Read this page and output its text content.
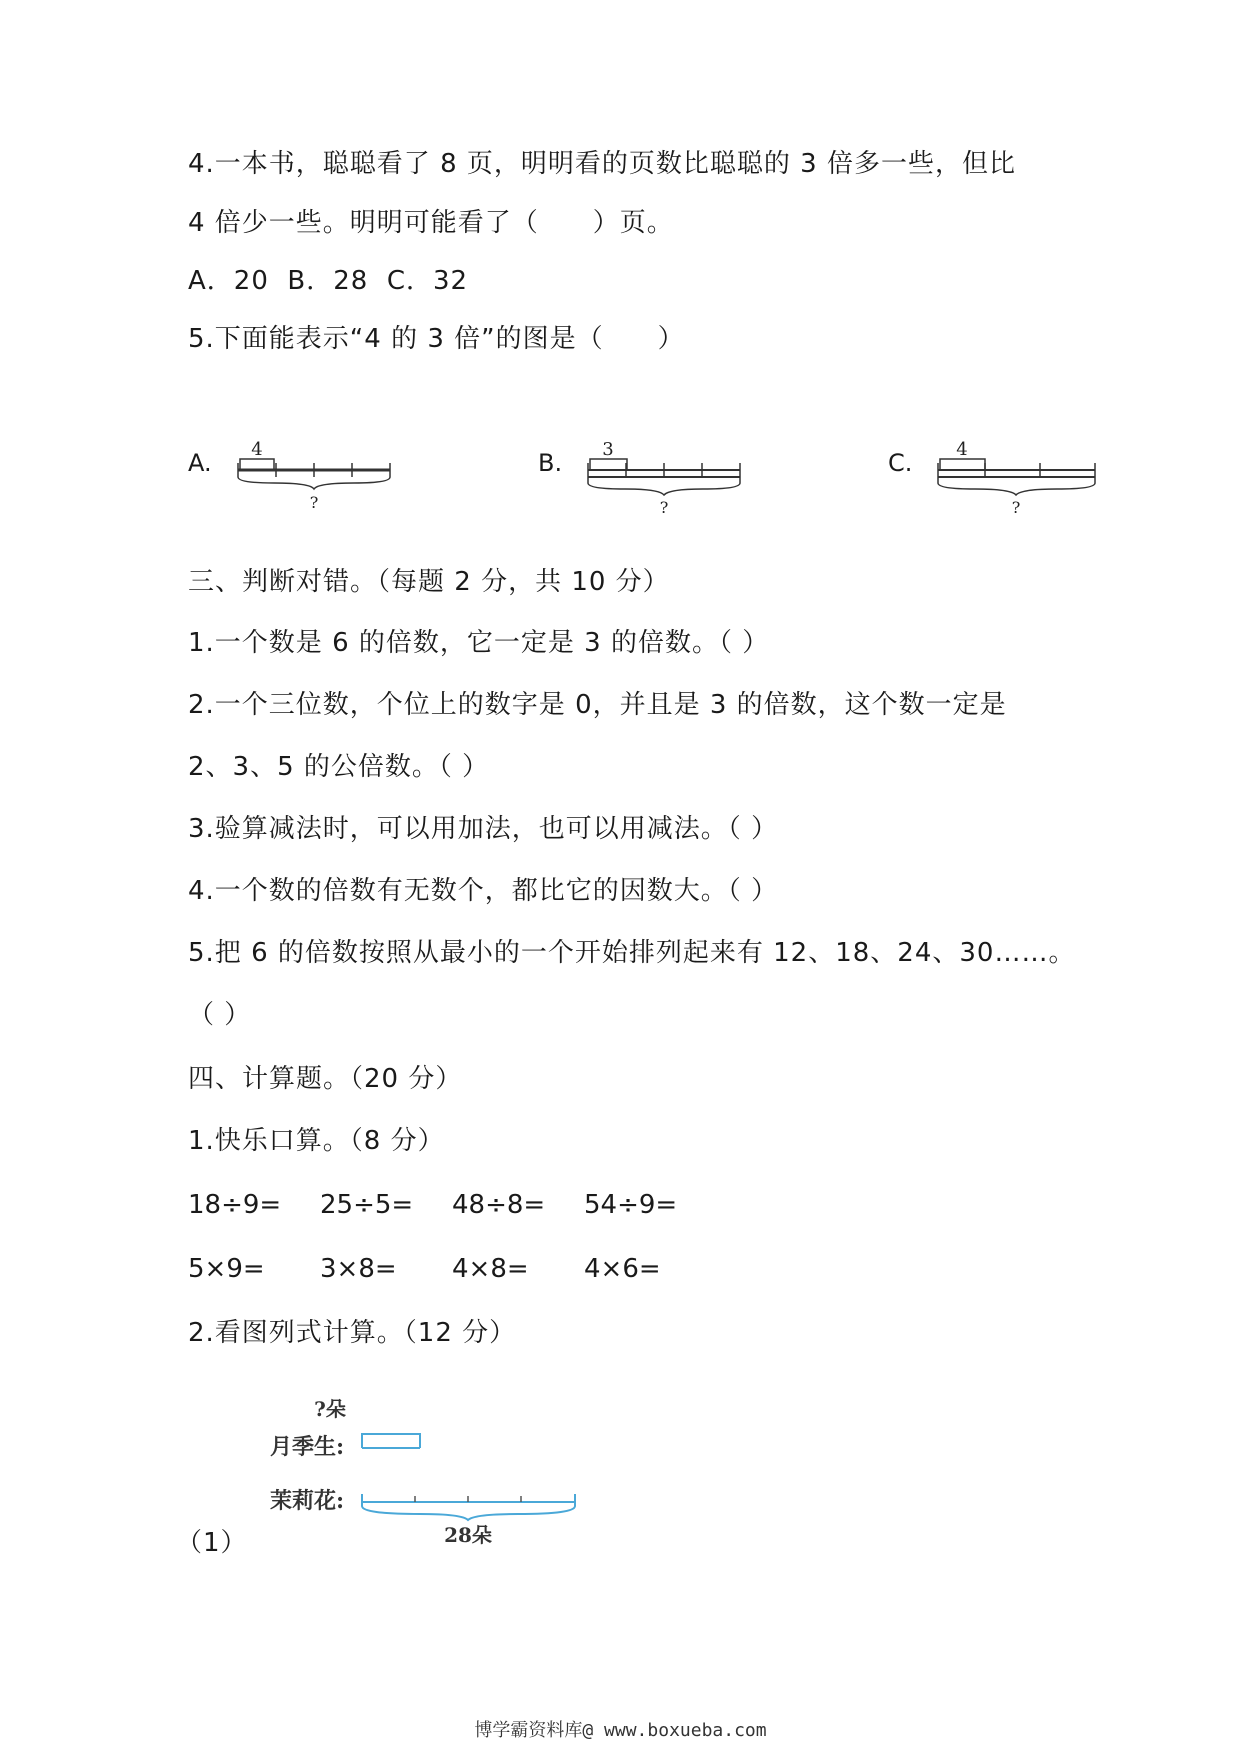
4.一本书，聪聪看了 8 页，明明看的页数比聪聪的 3 倍多一些，但比
4 倍少一些。明明可能看了（　　）页。
A．20  B．28  C．32
5.下面能表示“4 的 3 倍”的图是（　　）
A.	B.	C.
4
?
3
?
4
?
三、判断对错。（每题 2 分，共 10 分）
1.一个数是 6 的倍数，它一定是 3 的倍数。（ ）
2.一个三位数，个位上的数字是 0，并且是 3 的倍数，这个数一定是
2、3、5 的公倍数。（ ）
3.验算减法时，可以用加法，也可以用减法。（ ）
4.一个数的倍数有无数个，都比它的因数大。（ ）
5.把 6 的倍数按照从最小的一个开始排列起来有 12、18、24、30……。
（ ）
四、计算题。（20 分）
1.快乐口算。（8 分）
18÷9= 25÷5= 48÷8= 54÷9=
5×9= 3×8= 4×8= 4×6=
2.看图列式计算。（12 分）
?朵
月季生:
茉莉花:
28朵
（1）
博学霸资料库@ www.boxueba.com
